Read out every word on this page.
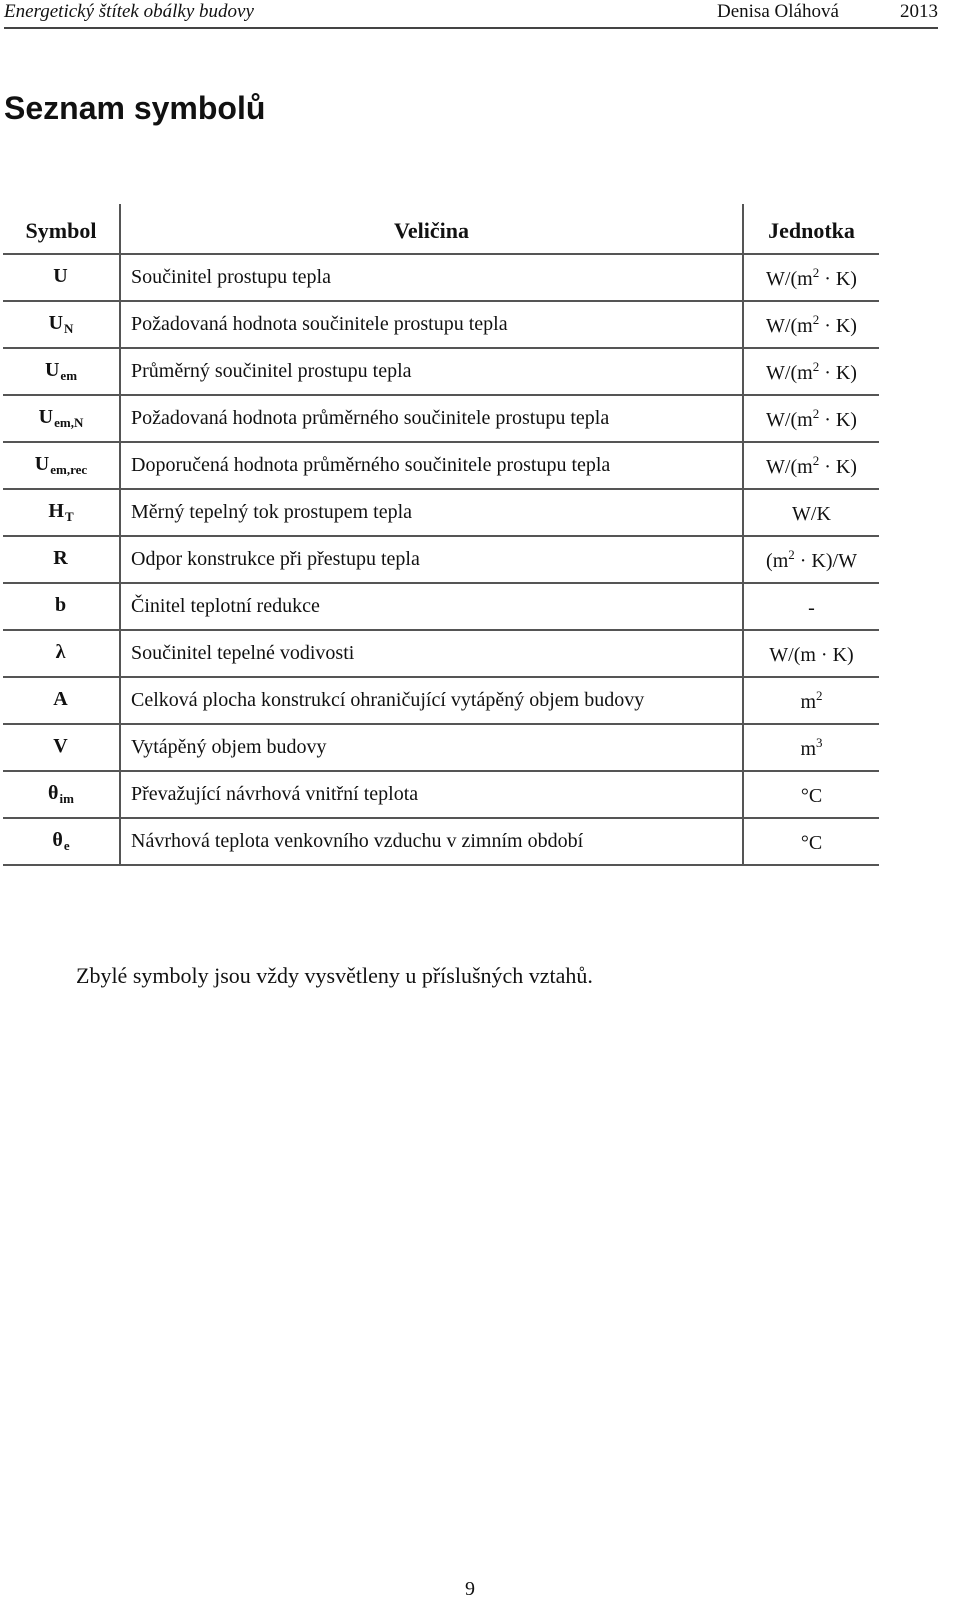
Energetický štítek obálky budovy	Denisa Oláhová	2013
Seznam symbolů
Symbol	Veličina	Jednotka
U	Součinitel prostupu tepla	$W/(m^2 \cdot K)$
$U_N$	Požadovaná hodnota součinitele prostupu tepla	$W/(m^2 \cdot K)$
$U_{em}$	Průměrný součinitel prostupu tepla	$W/(m^2 \cdot K)$
$U_{em,N}$	Požadovaná hodnota průměrného součinitele prostupu tepla	$W/(m^2 \cdot K)$
$U_{em,rec}$	Doporučená hodnota průměrného součinitele prostupu tepla	$W/(m^2 \cdot K)$
$H_T$	Měrný tepelný tok prostupem tepla	W/K
R	Odpor konstrukce při přestupu tepla	$(m^2 \cdot K)/W$
b	Činitel teplotní redukce	-
λ	Součinitel tepelné vodivosti	W/(m · K)
A	Celková plocha konstrukcí ohraničující vytápěný objem budovy	$m^2$
V	Vytápěný objem budovy	$m^3$
$\theta_{im}$	Převažující návrhová vnitřní teplota	°C
$\theta_e$	Návrhová teplota venkovního vzduchu v zimním období	°C
Zbylé symboly jsou vždy vysvětleny u příslušných vztahů.
9
